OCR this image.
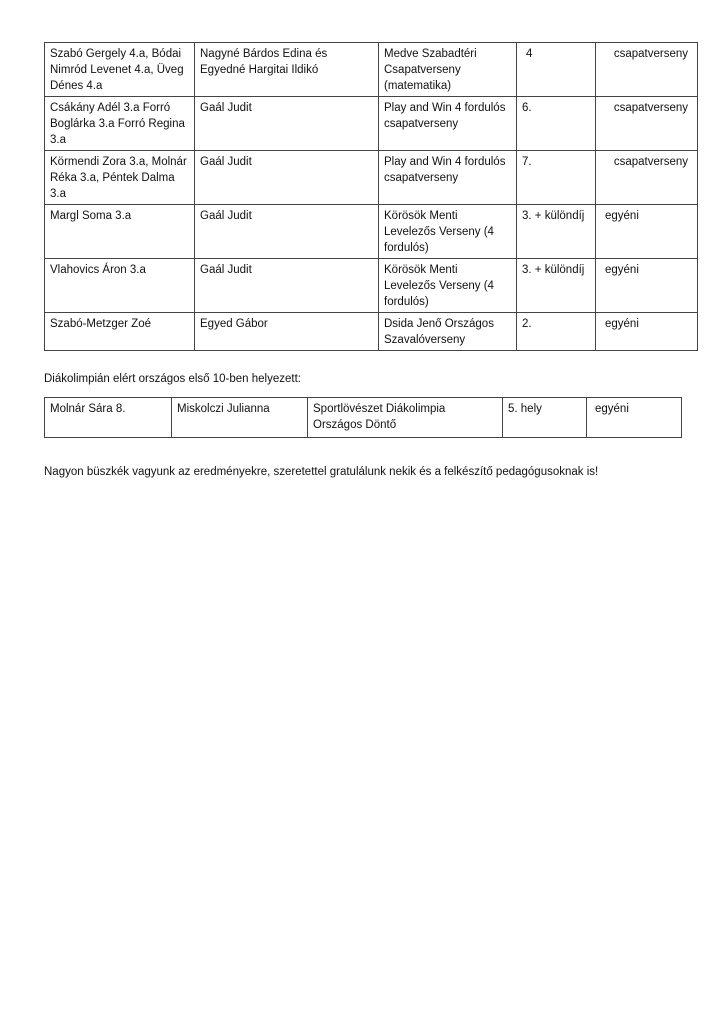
Szabó Gergely 4.a, Bódai Nimród Levenet 4.a, Üveg Dénes 4.a	Nagyné Bárdos Edina és Egyedné Hargitai Ildikó	Medve Szabadtéri Csapatverseny (matematika)	4	csapatverseny
Csákány Adél 3.a Forró Boglárka 3.a Forró Regina 3.a	Gaál Judit	Play and Win 4 fordulós csapatverseny	6.	csapatverseny
Körmendi Zora 3.a, Molnár Réka 3.a, Péntek Dalma 3.a	Gaál Judit	Play and Win 4 fordulós csapatverseny	7.	csapatverseny
Margl Soma 3.a	Gaál Judit	Körösök Menti Levelezős Verseny (4 fordulós)	3. + különdíj	egyéni
Vlahovics Áron 3.a	Gaál Judit	Körösök Menti Levelezős Verseny (4 fordulós)	3. + különdíj	egyéni
Szabó-Metzger Zoé	Egyed Gábor	Dsida Jenő Országos Szavalóverseny	2.	egyéni
Diákolimpián elért országos első 10-ben helyezett:
Molnár Sára 8.	Miskolczi Julianna	Sportlövészet Diákolimpia Országos Döntő	5. hely	egyéni
Nagyon büszkék vagyunk az eredményekre, szeretettel gratulálunk nekik és a felkészítő pedagógusoknak is!
